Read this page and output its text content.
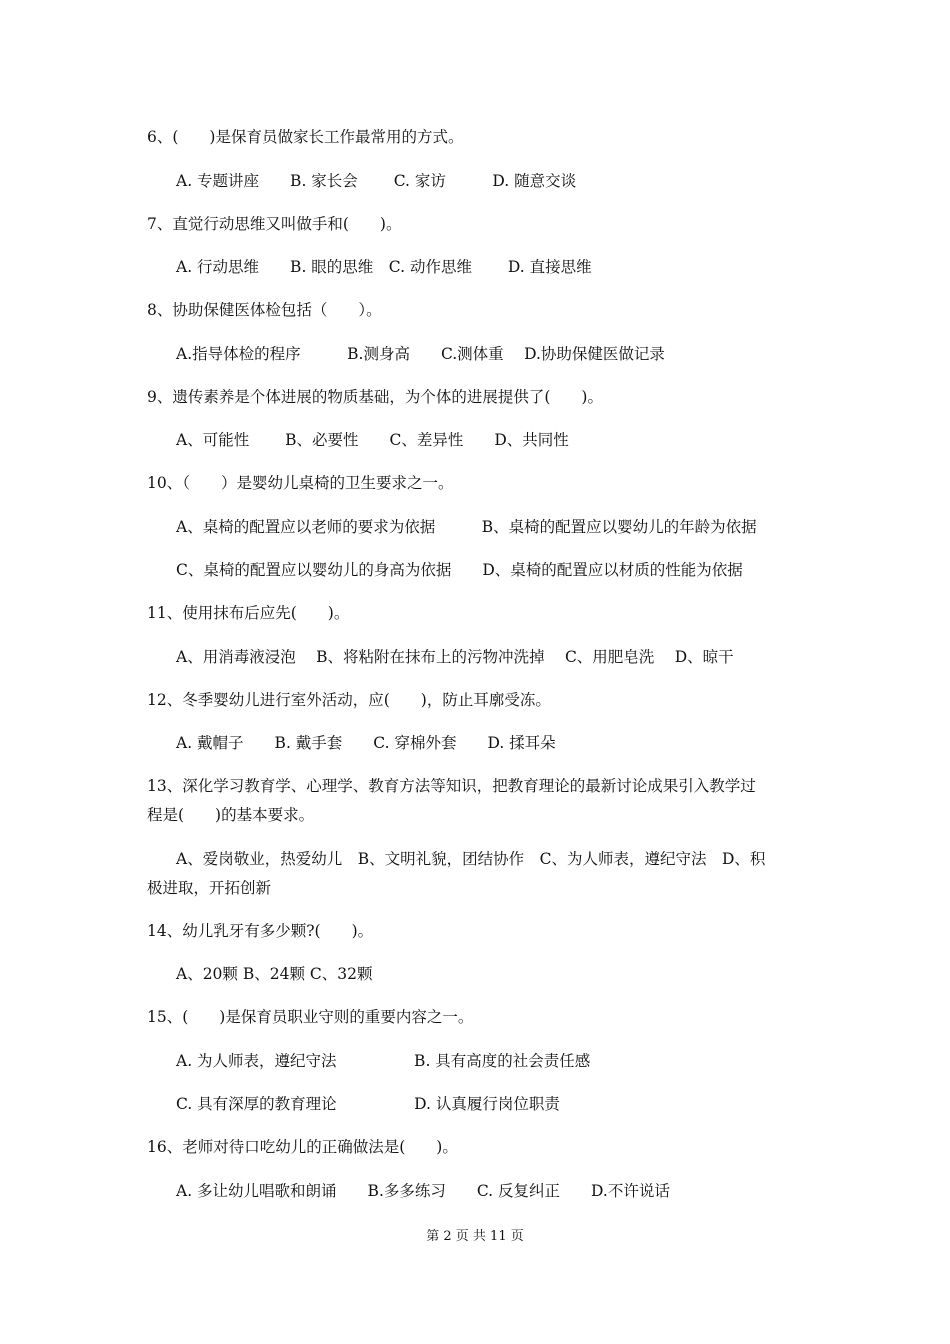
6、(　　)是保育员做家长工作最常用的方式。
A. 专题讲座　　B. 家长会　　 C. 家访　　　D. 随意交谈
7、直觉行动思维又叫做手和(　　)。
A. 行动思维　　B. 眼的思维　C. 动作思维　　 D. 直接思维
8、协助保健医体检包括（　　）。
A.指导体检的程序　　　B.测身高　　C.测体重　 D.协助保健医做记录
9、遗传素养是个体进展的物质基础，为个体的进展提供了(　　)。
A、可能性　　 B、必要性　　C、差异性　　D、共同性
10、（　　）是婴幼儿桌椅的卫生要求之一。
A、桌椅的配置应以老师的要求为依据　　　B、桌椅的配置应以婴幼儿的年龄为依据
C、桌椅的配置应以婴幼儿的身高为依据　　D、桌椅的配置应以材质的性能为依据
11、使用抹布后应先(　　)。
A、用消毒液浸泡　 B、将粘附在抹布上的污物冲洗掉　 C、用肥皂洗　 D、晾干
12、冬季婴幼儿进行室外活动，应(　　)，防止耳廓受冻。
A. 戴帽子　　B. 戴手套　　C. 穿棉外套　　D. 揉耳朵
13、深化学习教育学、心理学、教育方法等知识，把教育理论的最新讨论成果引入教学过
程是(　　)的基本要求。
A、爱岗敬业，热爱幼儿　B、文明礼貌，团结协作　C、为人师表，遵纪守法　D、积
极进取，开拓创新
14、幼儿乳牙有多少颗?(　　)。
A、20颗 B、24颗 C、32颗
15、(　　)是保育员职业守则的重要内容之一。
A. 为人师表，遵纪守法　　　　　B. 具有高度的社会责任感
C. 具有深厚的教育理论　　　　　D. 认真履行岗位职责
16、老师对待口吃幼儿的正确做法是(　　)。
A. 多让幼儿唱歌和朗诵　　B.多多练习　　C. 反复纠正　　D.不许说话
第 2 页 共 11 页
